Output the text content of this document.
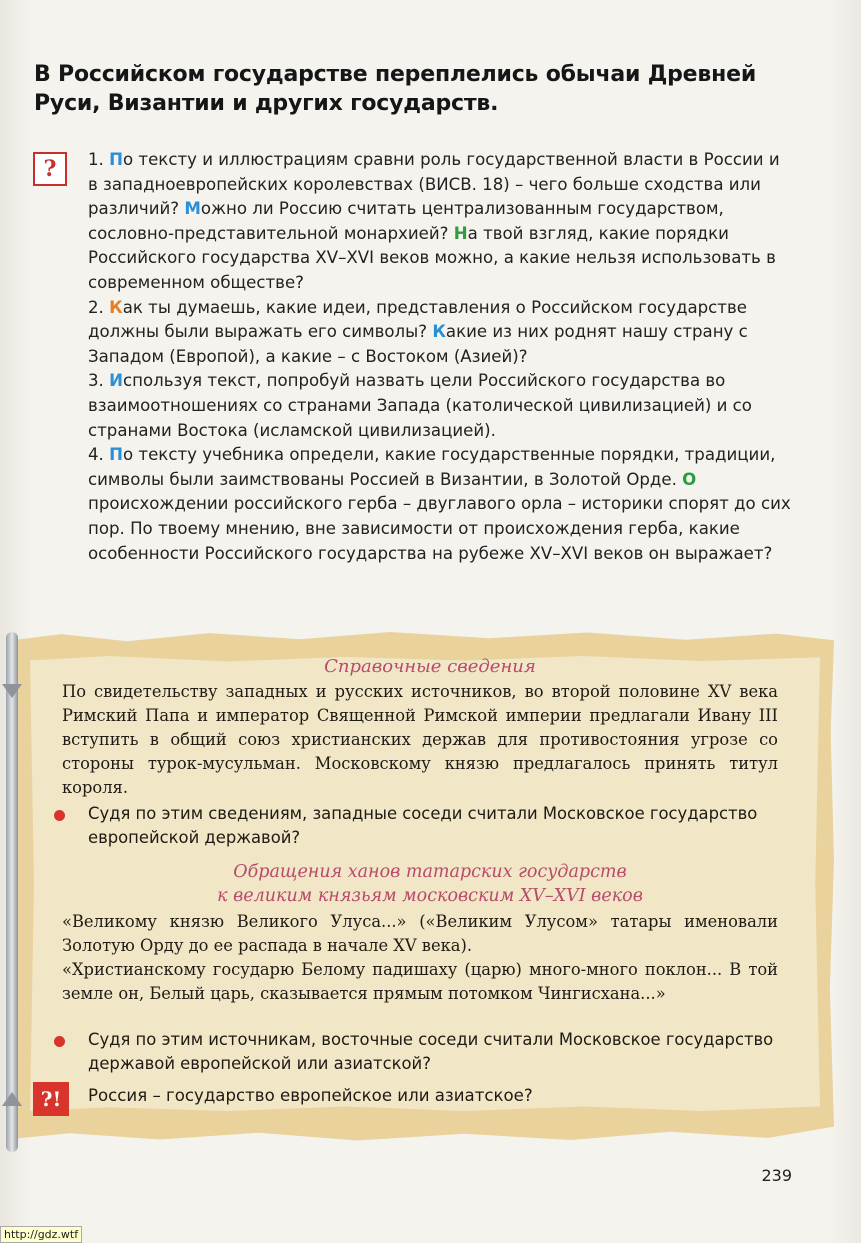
В Российском государстве переплелись обычаи Древней Руси, Византии и других государств.
?	1. По тексту и иллюстрациям сравни роль государственной власти в России и в западноевропейских королевствах (ВИСВ. 18) – чего больше сходства или различий? Можно ли Россию считать централизованным государством, сословно-представительной монархией? На твой взгляд, какие порядки Российского государства XV–XVI веков можно, а какие нельзя использовать в современном обществе?

2. Как ты думаешь, какие идеи, представления о Российском государстве должны были выражать его символы? Какие из них роднят нашу страну с Западом (Европой), а какие – с Востоком (Азией)?

3. Используя текст, попробуй назвать цели Российского государства во взаимоотношениях со странами Запада (католической цивилизацией) и со странами Востока (исламской цивилизацией).

4. По тексту учебника определи, какие государственные порядки, традиции, символы были заимствованы Россией в Византии, в Золотой Орде. О происхождении российского герба – двуглавого орла – историки спорят до сих пор. По твоему мнению, вне зависимости от происхождения герба, какие особенности Российского государства на рубеже XV–XVI веков он выражает?

Справочные сведения

По свидетельству западных и русских источников, во второй половине XV века Римский Папа и император Священной Римской империи предлагали Ивану III вступить в общий союз христианских держав для противостояния угрозе со стороны турок-мусульман. Московскому князю предлагалось принять титул короля.

Судя по этим сведениям, западные соседи считали Московское государство европейской державой?
Обращения ханов татарских государств
к великим князьям московским XV–XVI веков

«Великому князю Великого Улуса...» («Великим Улусом» татары именовали Золотую Орду до ее распада в начале XV века).

«Христианскому государю Белому падишаху (царю) много-много поклон... В той земле он, Белый царь, сказывается прямым потомком Чингисхана...»

Судя по этим источникам, восточные соседи считали Московское государство державой европейской или азиатской?
?!	Россия – государство европейское или азиатское?
239
http://gdz.wtf
